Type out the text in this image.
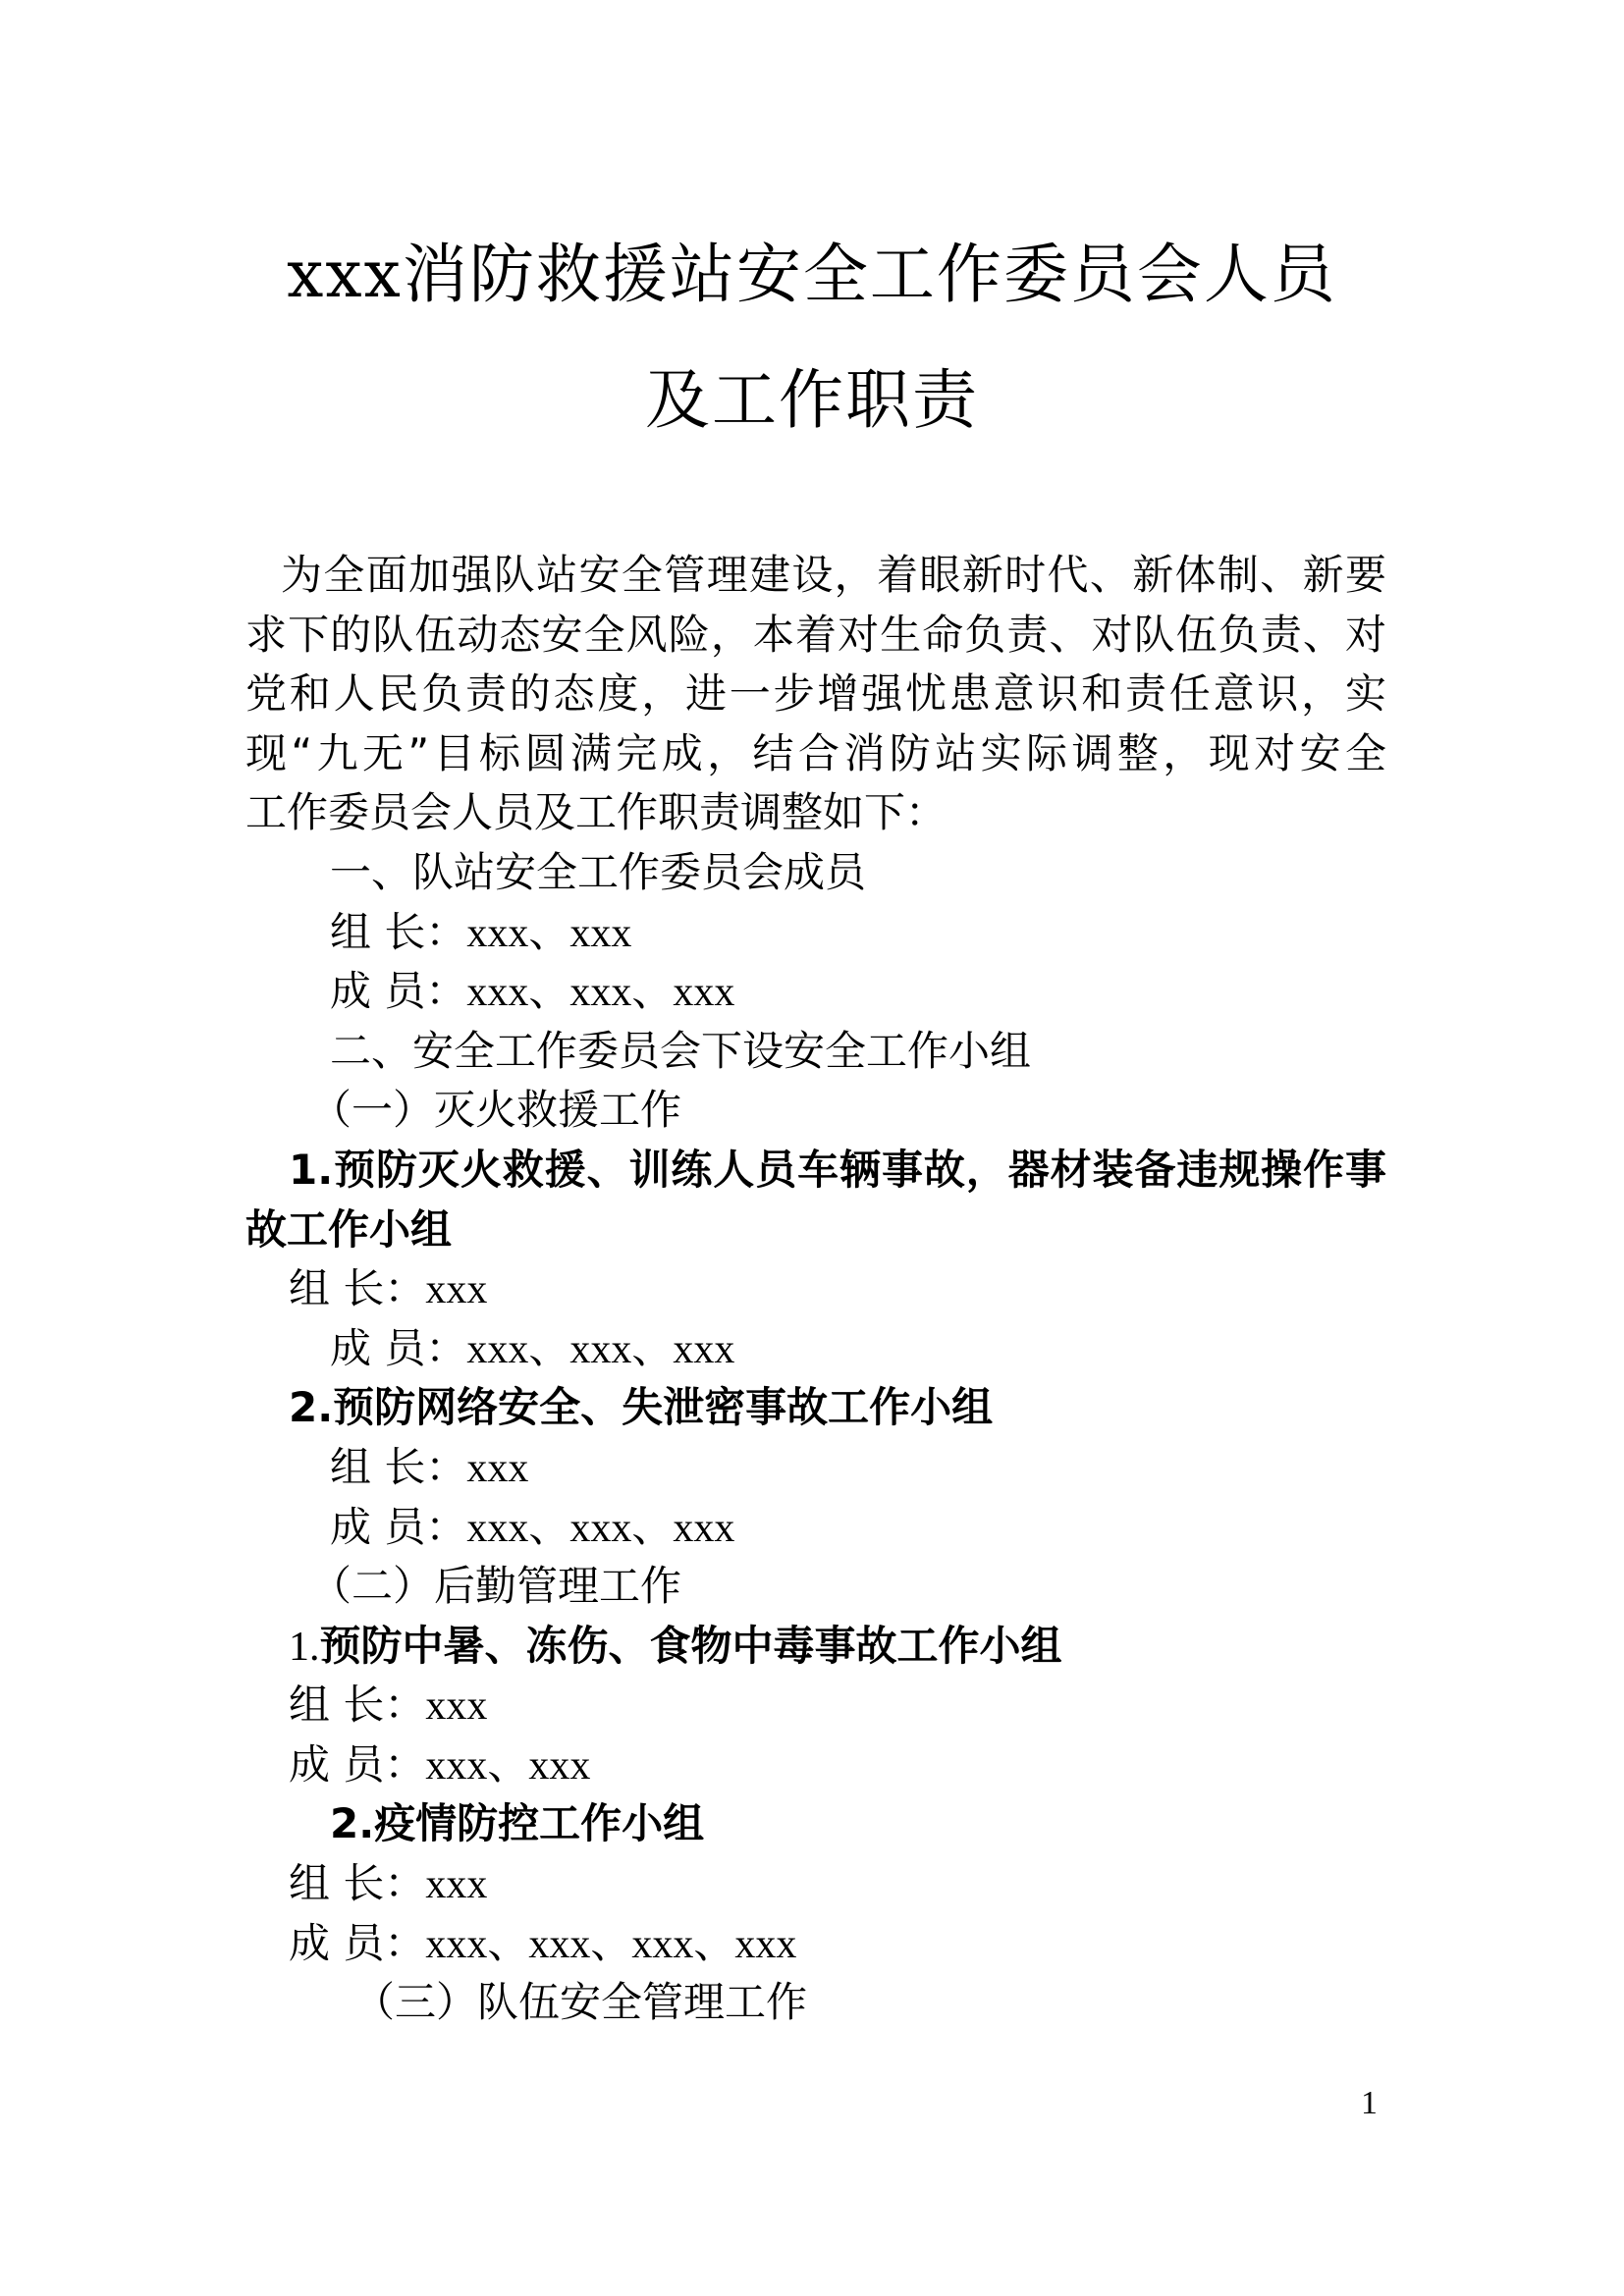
xxx消防救援站安全工作委员会人员
及工作职责
为全面加强队站安全管理建设，着眼新时代、新体制、新要
求下的队伍动态安全风险，本着对生命负责、对队伍负责、对
党和人民负责的态度，进一步增强忧患意识和责任意识，实
现“九无”目标圆满完成，结合消防站实际调整，现对安全
工作委员会人员及工作职责调整如下：
一、队站安全工作委员会成员
组 长：xxx、xxx
成 员：xxx、xxx、xxx
二、安全工作委员会下设安全工作小组
（一）灭火救援工作
1.预防灭火救援、训练人员车辆事故，器材装备违规操作事
故工作小组
组 长：xxx
成 员：xxx、xxx、xxx
2.预防网络安全、失泄密事故工作小组
组 长：xxx
成 员：xxx、xxx、xxx
（二）后勤管理工作
1.预防中暑、冻伤、食物中毒事故工作小组
组 长：xxx
成 员：xxx、xxx
2.疫情防控工作小组
组 长：xxx
成 员：xxx、xxx、xxx、xxx
（三）队伍安全管理工作
1
